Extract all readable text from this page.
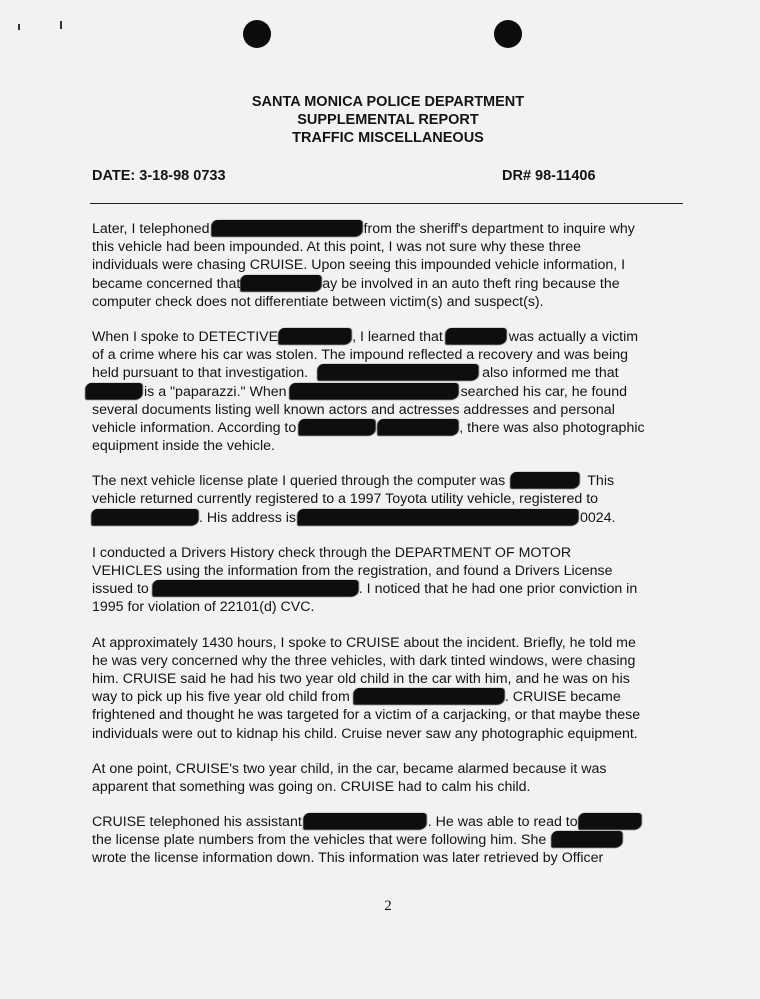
SANTA MONICA POLICE DEPARTMENT
SUPPLEMENTAL REPORT
TRAFFIC MISCELLANEOUS
DATE: 3-18-98 0733	DR# 98-11406
Later, I telephoned	from the sheriff's department to inquire why
this vehicle had been impounded. At this point, I was not sure why these three
individuals were chasing CRUISE. Upon seeing this impounded vehicle information, I
became concerned that	ay be involved in an auto theft ring because the
computer check does not differentiate between victim(s) and suspect(s).
When I spoke to DETECTIVE	, I learned that	was actually a victim
of a crime where his car was stolen. The impound reflected a recovery and was being
held pursuant to that investigation.	also informed me that
is a "paparazzi." When	searched his car, he found
several documents listing well known actors and actresses addresses and personal
vehicle information. According to	, there was also photographic
equipment inside the vehicle.
The next vehicle license plate I queried through the computer was	This
vehicle returned currently registered to a 1997 Toyota utility vehicle, registered to
. His address is	0024.
I conducted a Drivers History check through the DEPARTMENT OF MOTOR
VEHICLES using the information from the registration, and found a Drivers License
issued to	. I noticed that he had one prior conviction in
1995 for violation of 22101(d) CVC.
At approximately 1430 hours, I spoke to CRUISE about the incident. Briefly, he told me
he was very concerned why the three vehicles, with dark tinted windows, were chasing
him. CRUISE said he had his two year old child in the car with him, and he was on his
way to pick up his five year old child from	. CRUISE became
frightened and thought he was targeted for a victim of a carjacking, or that maybe these
individuals were out to kidnap his child. Cruise never saw any photographic equipment.
At one point, CRUISE's two year child, in the car, became alarmed because it was
apparent that something was going on. CRUISE had to calm his child.
CRUISE telephoned his assistant	. He was able to read to
the license plate numbers from the vehicles that were following him. She
wrote the license information down. This information was later retrieved by Officer
2
